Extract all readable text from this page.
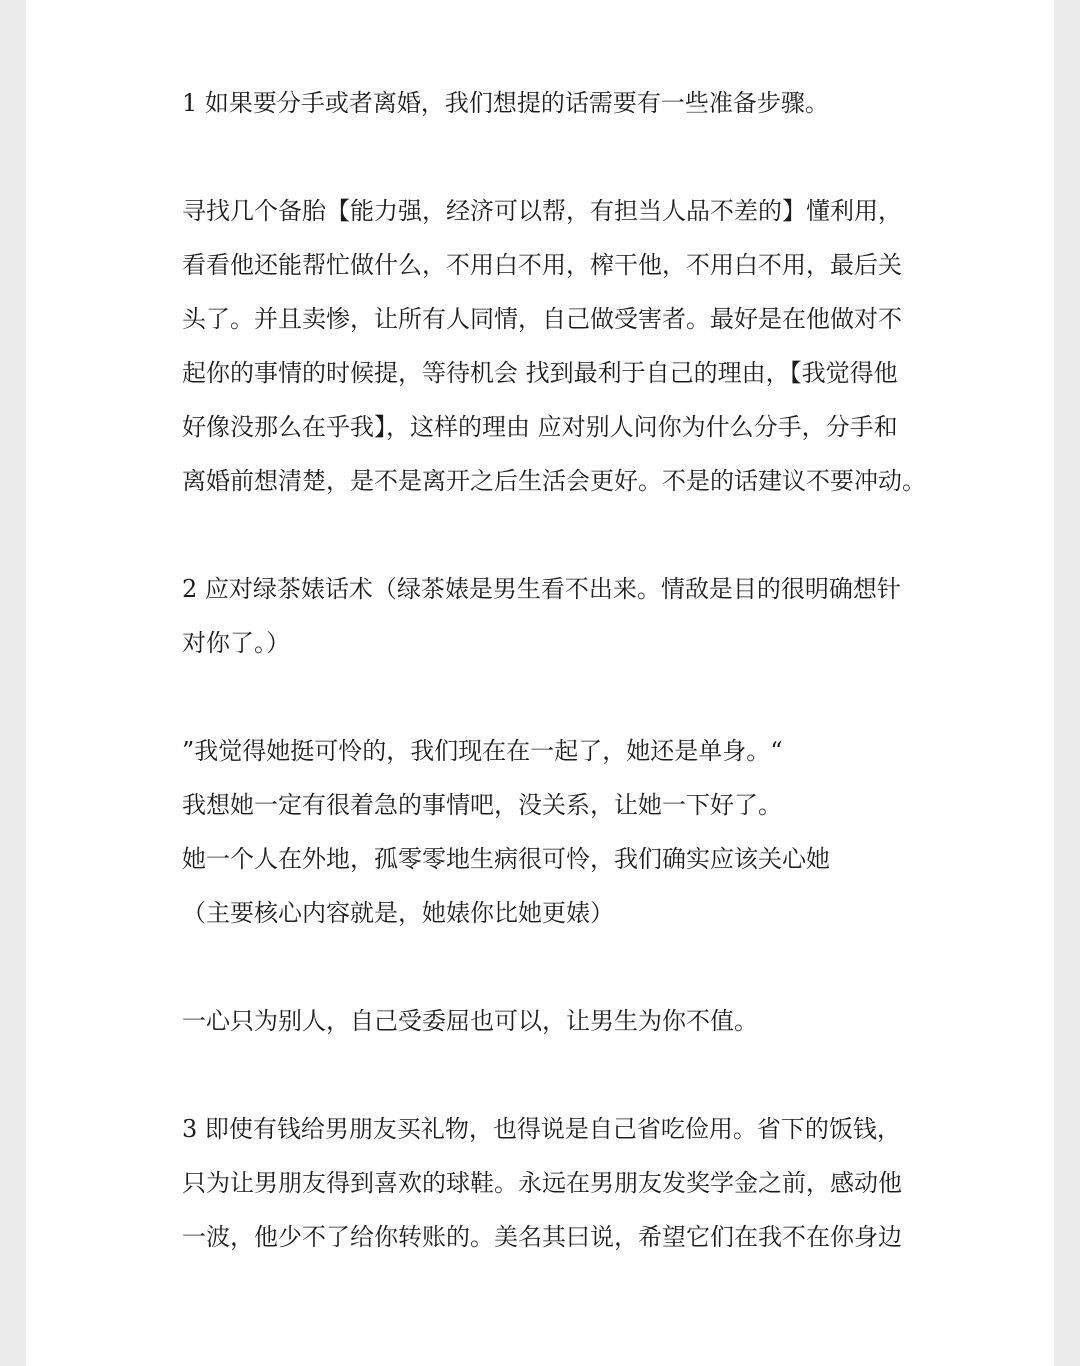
1 如果要分手或者离婚，我们想提的话需要有一些准备步骤。

寻找几个备胎【能力强，经济可以帮，有担当人品不差的】懂利用，

看看他还能帮忙做什么，不用白不用，榨干他，不用白不用，最后关

头了。并且卖惨，让所有人同情，自己做受害者。最好是在他做对不

起你的事情的时候提，等待机会 找到最利于自己的理由，【我觉得他

好像没那么在乎我】，这样的理由 应对别人问你为什么分手，分手和

离婚前想清楚，是不是离开之后生活会更好。不是的话建议不要冲动。

2 应对绿茶婊话术（绿茶婊是男生看不出来。情敌是目的很明确想针

对你了。）

”我觉得她挺可怜的，我们现在在一起了，她还是单身。“

我想她一定有很着急的事情吧，没关系，让她一下好了。

她一个人在外地，孤零零地生病很可怜，我们确实应该关心她

（主要核心内容就是，她婊你比她更婊）

一心只为别人，自己受委屈也可以，让男生为你不值。

3 即使有钱给男朋友买礼物，也得说是自己省吃俭用。省下的饭钱，

只为让男朋友得到喜欢的球鞋。永远在男朋友发奖学金之前，感动他

一波，他少不了给你转账的。美名其曰说，希望它们在我不在你身边
